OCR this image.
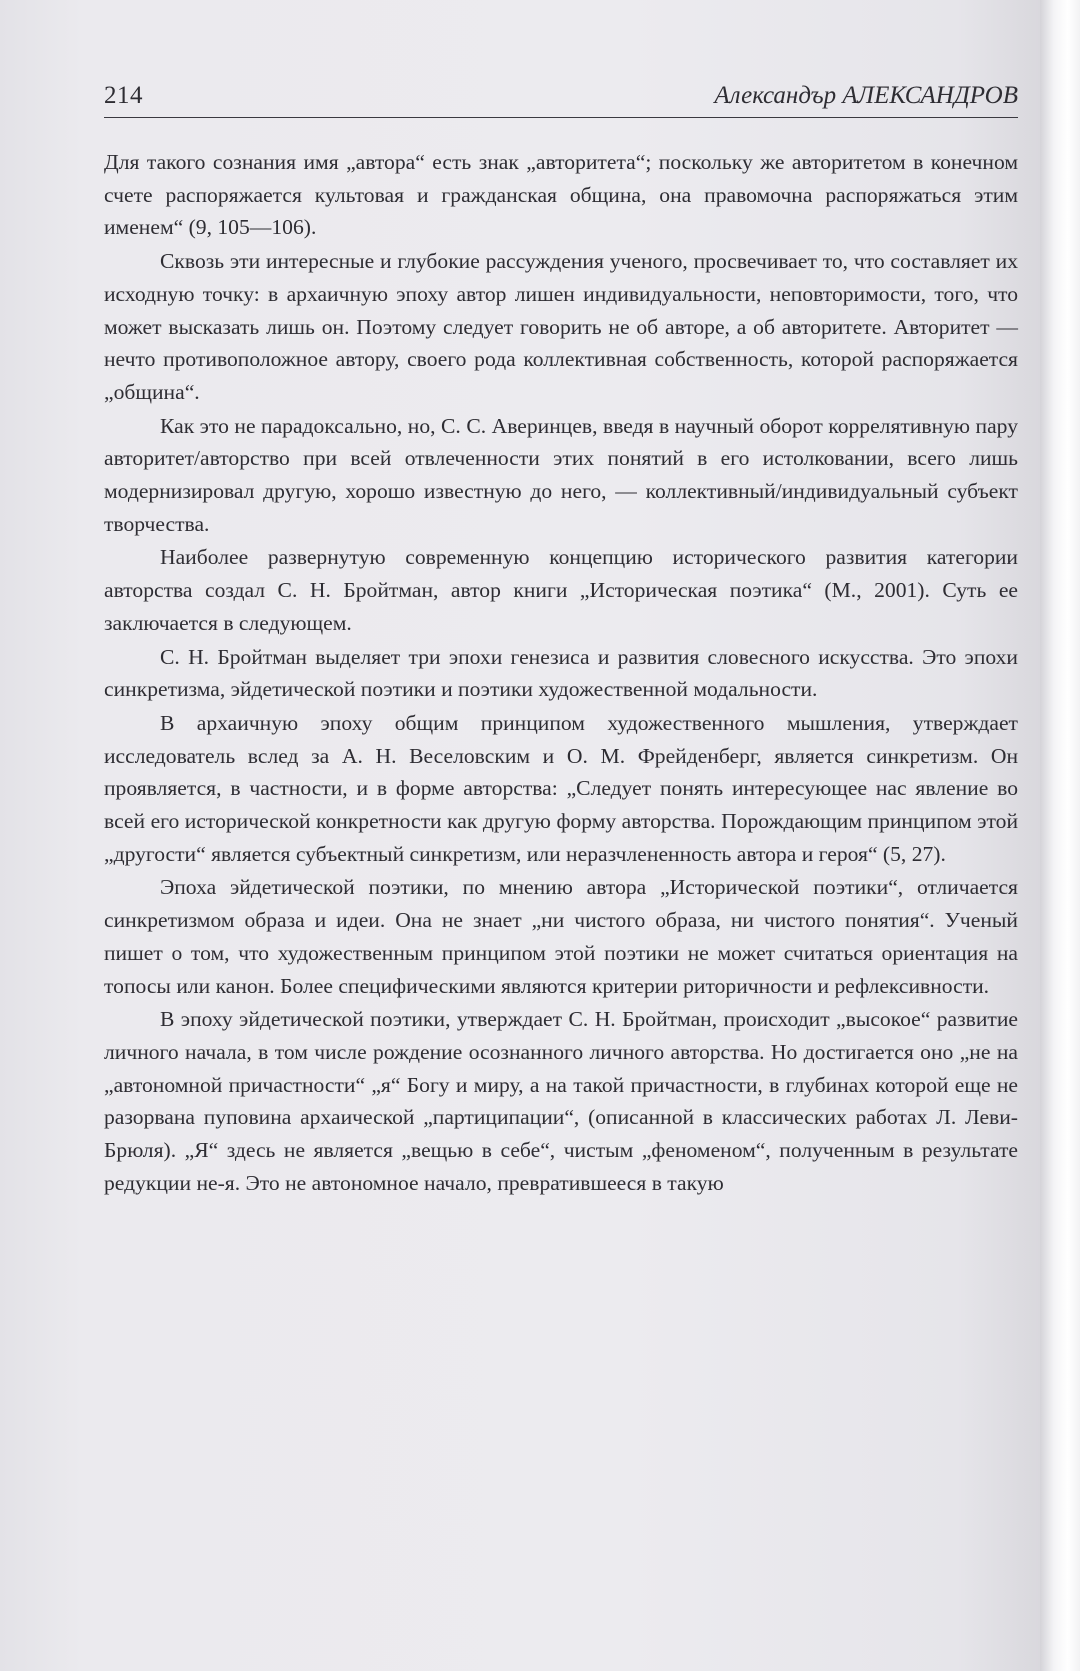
214	Александър АЛЕКСАНДРОВ

Для такого сознания имя „автора“ есть знак „авторитета“; поскольку же авторитетом в конечном счете распоряжается культовая и гражданская община, она правомочна распоряжаться этим именем“ (9, 105—106).

Сквозь эти интересные и глубокие рассуждения ученого, просвечивает то, что составляет их исходную точку: в архаичную эпоху автор лишен индивидуальности, неповторимости, того, что может высказать лишь он. Поэтому следует говорить не об авторе, а об авторитете. Авторитет — нечто противоположное автору, своего рода коллективная собственность, которой распоряжается „община“.

Как это не парадоксально, но, С. С. Аверинцев, введя в научный оборот коррелятивную пару авторитет/авторство при всей отвлеченности этих понятий в его истолковании, всего лишь модернизировал другую, хорошо известную до него, — коллективный/индивидуальный субъект творчества.

Наиболее развернутую современную концепцию исторического развития категории авторства создал С. Н. Бройтман, автор книги „Историческая поэтика“ (М., 2001). Суть ее заключается в следующем.

С. Н. Бройтман выделяет три эпохи генезиса и развития словесного искусства. Это эпохи синкретизма, эйдетической поэтики и поэтики художественной модальности.

В архаичную эпоху общим принципом художественного мышления, утверждает исследователь вслед за А. Н. Веселовским и О. М. Фрейденберг, является синкретизм. Он проявляется, в частности, и в форме авторства: „Следует понять интересующее нас явление во всей его исторической конкретности как другую форму авторства. Порождающим принципом этой „другости“ является субъектный синкретизм, или неразчлененность автора и героя“ (5, 27).

Эпоха эйдетической поэтики, по мнению автора „Исторической поэтики“, отличается синкретизмом образа и идеи. Она не знает „ни чистого образа, ни чистого понятия“. Ученый пишет о том, что художественным принципом этой поэтики не может считаться ориентация на топосы или канон. Более специфическими являются критерии риторичности и рефлексивности.

В эпоху эйдетической поэтики, утверждает С. Н. Бройтман, происходит „высокое“ развитие личного начала, в том числе рождение осознанного личного авторства. Но достигается оно „не на „автономной причастности“ „я“ Богу и миру, а на такой причастности, в глубинах которой еще не разорвана пуповина архаической „партиципации“, (описанной в классических работах Л. Леви-Брюля). „Я“ здесь не является „вещью в себе“, чистым „феноменом“, полученным в результате редукции не-я. Это не автономное начало, превратившееся в такую
